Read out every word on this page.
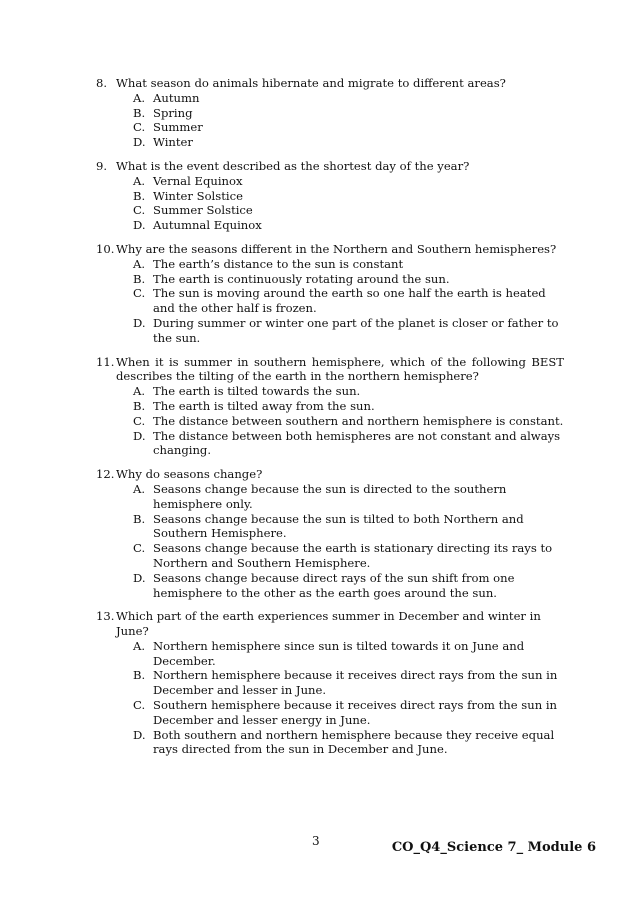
8. What season do animals hibernate and migrate to different areas?
A. Autumn
B. Spring
C. Summer
D. Winter
9. What is the event described as the shortest day of the year?
A. Vernal Equinox
B. Winter Solstice
C. Summer Solstice
D. Autumnal Equinox
10. Why are the seasons different in the Northern and Southern hemispheres?
A. The earth’s distance to the sun is constant
B. The earth is continuously rotating around the sun.
C. The sun is moving around the earth so one half the earth is heated and the other half is frozen.
D. During summer or winter one part of the planet is closer or father to the sun.
11. When it is summer in southern hemisphere, which of the following BEST describes the tilting of the earth in the northern hemisphere?
A. The earth is tilted towards the sun.
B. The earth is tilted away from the sun.
C. The distance between southern and northern hemisphere is constant.
D. The distance between both hemispheres are not constant and always changing.
12. Why do seasons change?
A. Seasons change because the sun is directed to the southern hemisphere only.
B. Seasons change because the sun is tilted to both Northern and Southern Hemisphere.
C. Seasons change because the earth is stationary directing its rays to Northern and Southern Hemisphere.
D. Seasons change because direct rays of the sun shift from one hemisphere to the other as the earth goes around the sun.
13. Which part of the earth experiences summer in December and winter in June?
A. Northern hemisphere since sun is tilted towards it on June and December.
B. Northern hemisphere because it receives direct rays from the sun in December and lesser in June.
C. Southern hemisphere because it receives direct rays from the sun in December and lesser energy in June.
D. Both southern and northern hemisphere because they receive equal rays directed from the sun in December and June.
3	CO_Q4_Science 7_ Module 6
